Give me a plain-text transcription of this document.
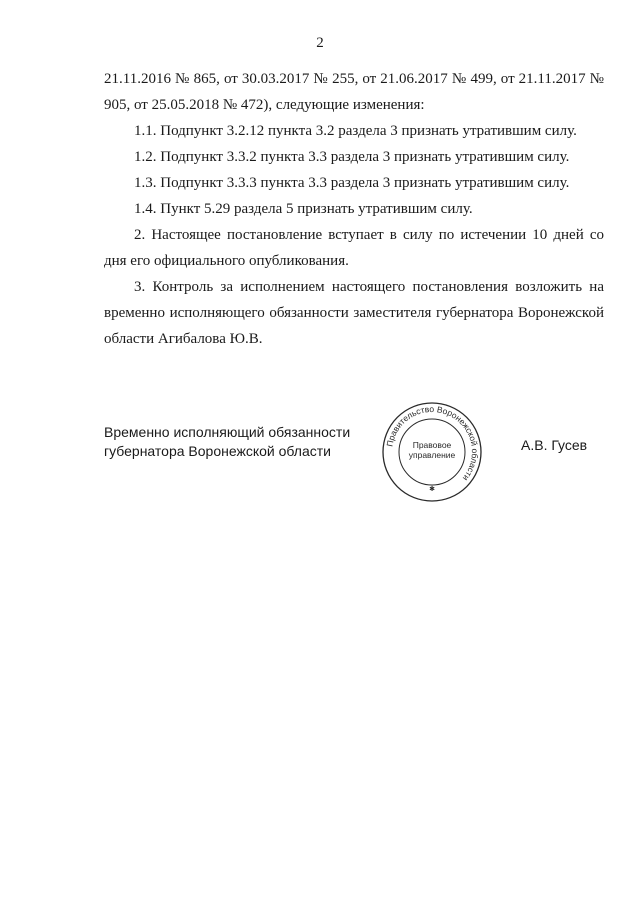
2

21.11.2016 № 865, от 30.03.2017 № 255, от 21.06.2017 № 499, от 21.11.2017 № 905, от 25.05.2018 № 472), следующие изменения:

1.1. Подпункт 3.2.12 пункта 3.2 раздела 3 признать утратившим силу.

1.2. Подпункт 3.3.2 пункта 3.3 раздела 3 признать утратившим силу.

1.3. Подпункт 3.3.3 пункта 3.3 раздела 3 признать утратившим силу.

1.4. Пункт 5.29 раздела 5 признать утратившим силу.

2. Настоящее постановление вступает в силу по истечении 10 дней со дня его официального опубликования.

3. Контроль за исполнением настоящего постановления возложить на временно исполняющего обязанности заместителя губернатора Воронежской области Агибалова Ю.В.

Временно исполняющий обязанности
губернатора Воронежской области	Правительство Воронежской области
Правовое
управление
✱
А.В. Гусев
